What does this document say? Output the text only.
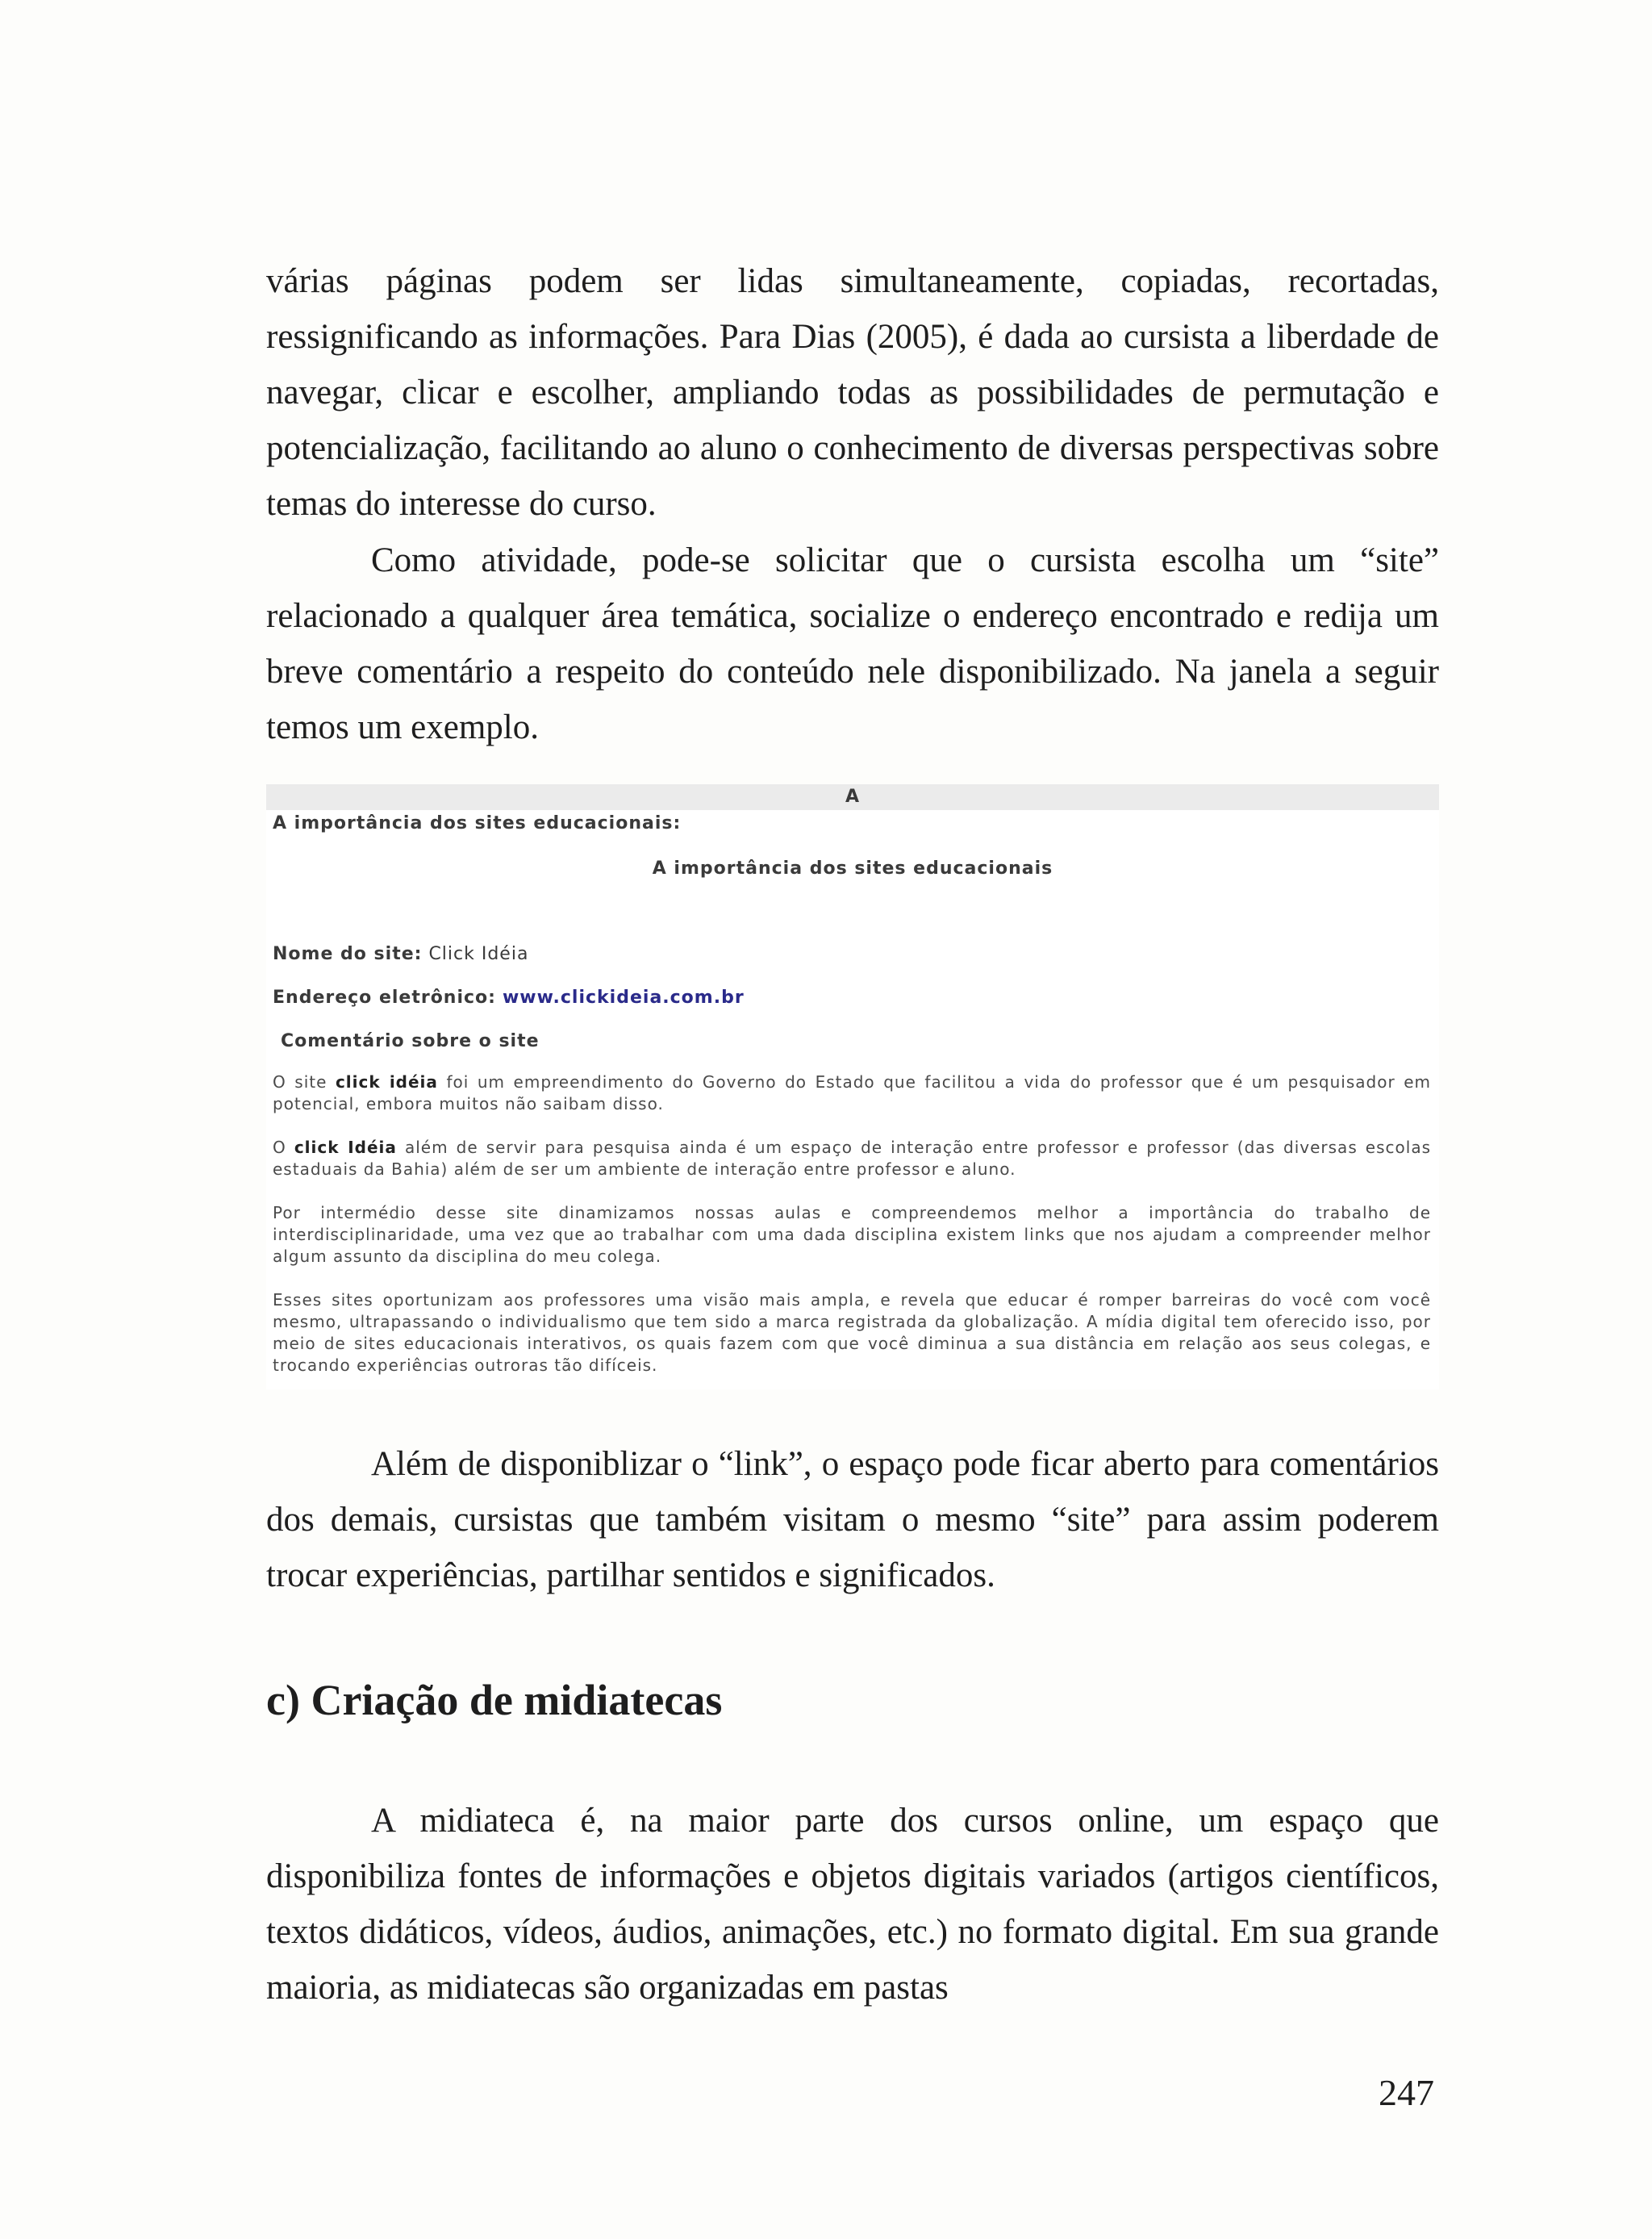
várias páginas podem ser lidas simultaneamente, copiadas, recortadas, ressignificando as informações. Para Dias (2005), é dada ao cursista a liberdade de navegar, clicar e escolher, ampliando todas as possibilidades de permutação e potencialização, facilitando ao aluno o conhecimento de diversas perspectivas sobre temas do interesse do curso.

Como atividade, pode-se solicitar que o cursista escolha um “site” relacionado a qualquer área temática, socialize o endereço encontrado e redija um breve comentário a respeito do conteúdo nele disponibilizado. Na janela a seguir temos um exemplo.

A
A importância dos sites educacionais:
A importância dos sites educacionais
Nome do site: Click Idéia
Endereço eletrônico: www.clickideia.com.br
Comentário sobre o site

O site click idéia foi um empreendimento do Governo do Estado que facilitou a vida do professor que é um pesquisador em potencial, embora muitos não saibam disso.

O click Idéia além de servir para pesquisa ainda é um espaço de interação entre professor e professor (das diversas escolas estaduais da Bahia) além de ser um ambiente de interação entre professor e aluno.

Por intermédio desse site dinamizamos nossas aulas e compreendemos melhor a importância do trabalho de interdisciplinaridade, uma vez que ao trabalhar com uma dada disciplina existem links que nos ajudam a compreender melhor algum assunto da disciplina do meu colega.

Esses sites oportunizam aos professores uma visão mais ampla, e revela que educar é romper barreiras do você com você mesmo, ultrapassando o individualismo que tem sido a marca registrada da globalização. A mídia digital tem oferecido isso, por meio de sites educacionais interativos, os quais fazem com que você diminua a sua distância em relação aos seus colegas, e trocando experiências outroras tão difíceis.

Além de disponiblizar o “link”, o espaço pode ficar aberto para comentários dos demais, cursistas que também visitam o mesmo “site” para assim poderem trocar experiências, partilhar sentidos e significados.

c) Criação de midiatecas

A midiateca é, na maior parte dos cursos online, um espaço que disponibiliza fontes de informações e objetos digitais variados (artigos científicos, textos didáticos, vídeos, áudios, animações, etc.) no formato digital. Em sua grande maioria, as midiatecas são organizadas em pastas

247
